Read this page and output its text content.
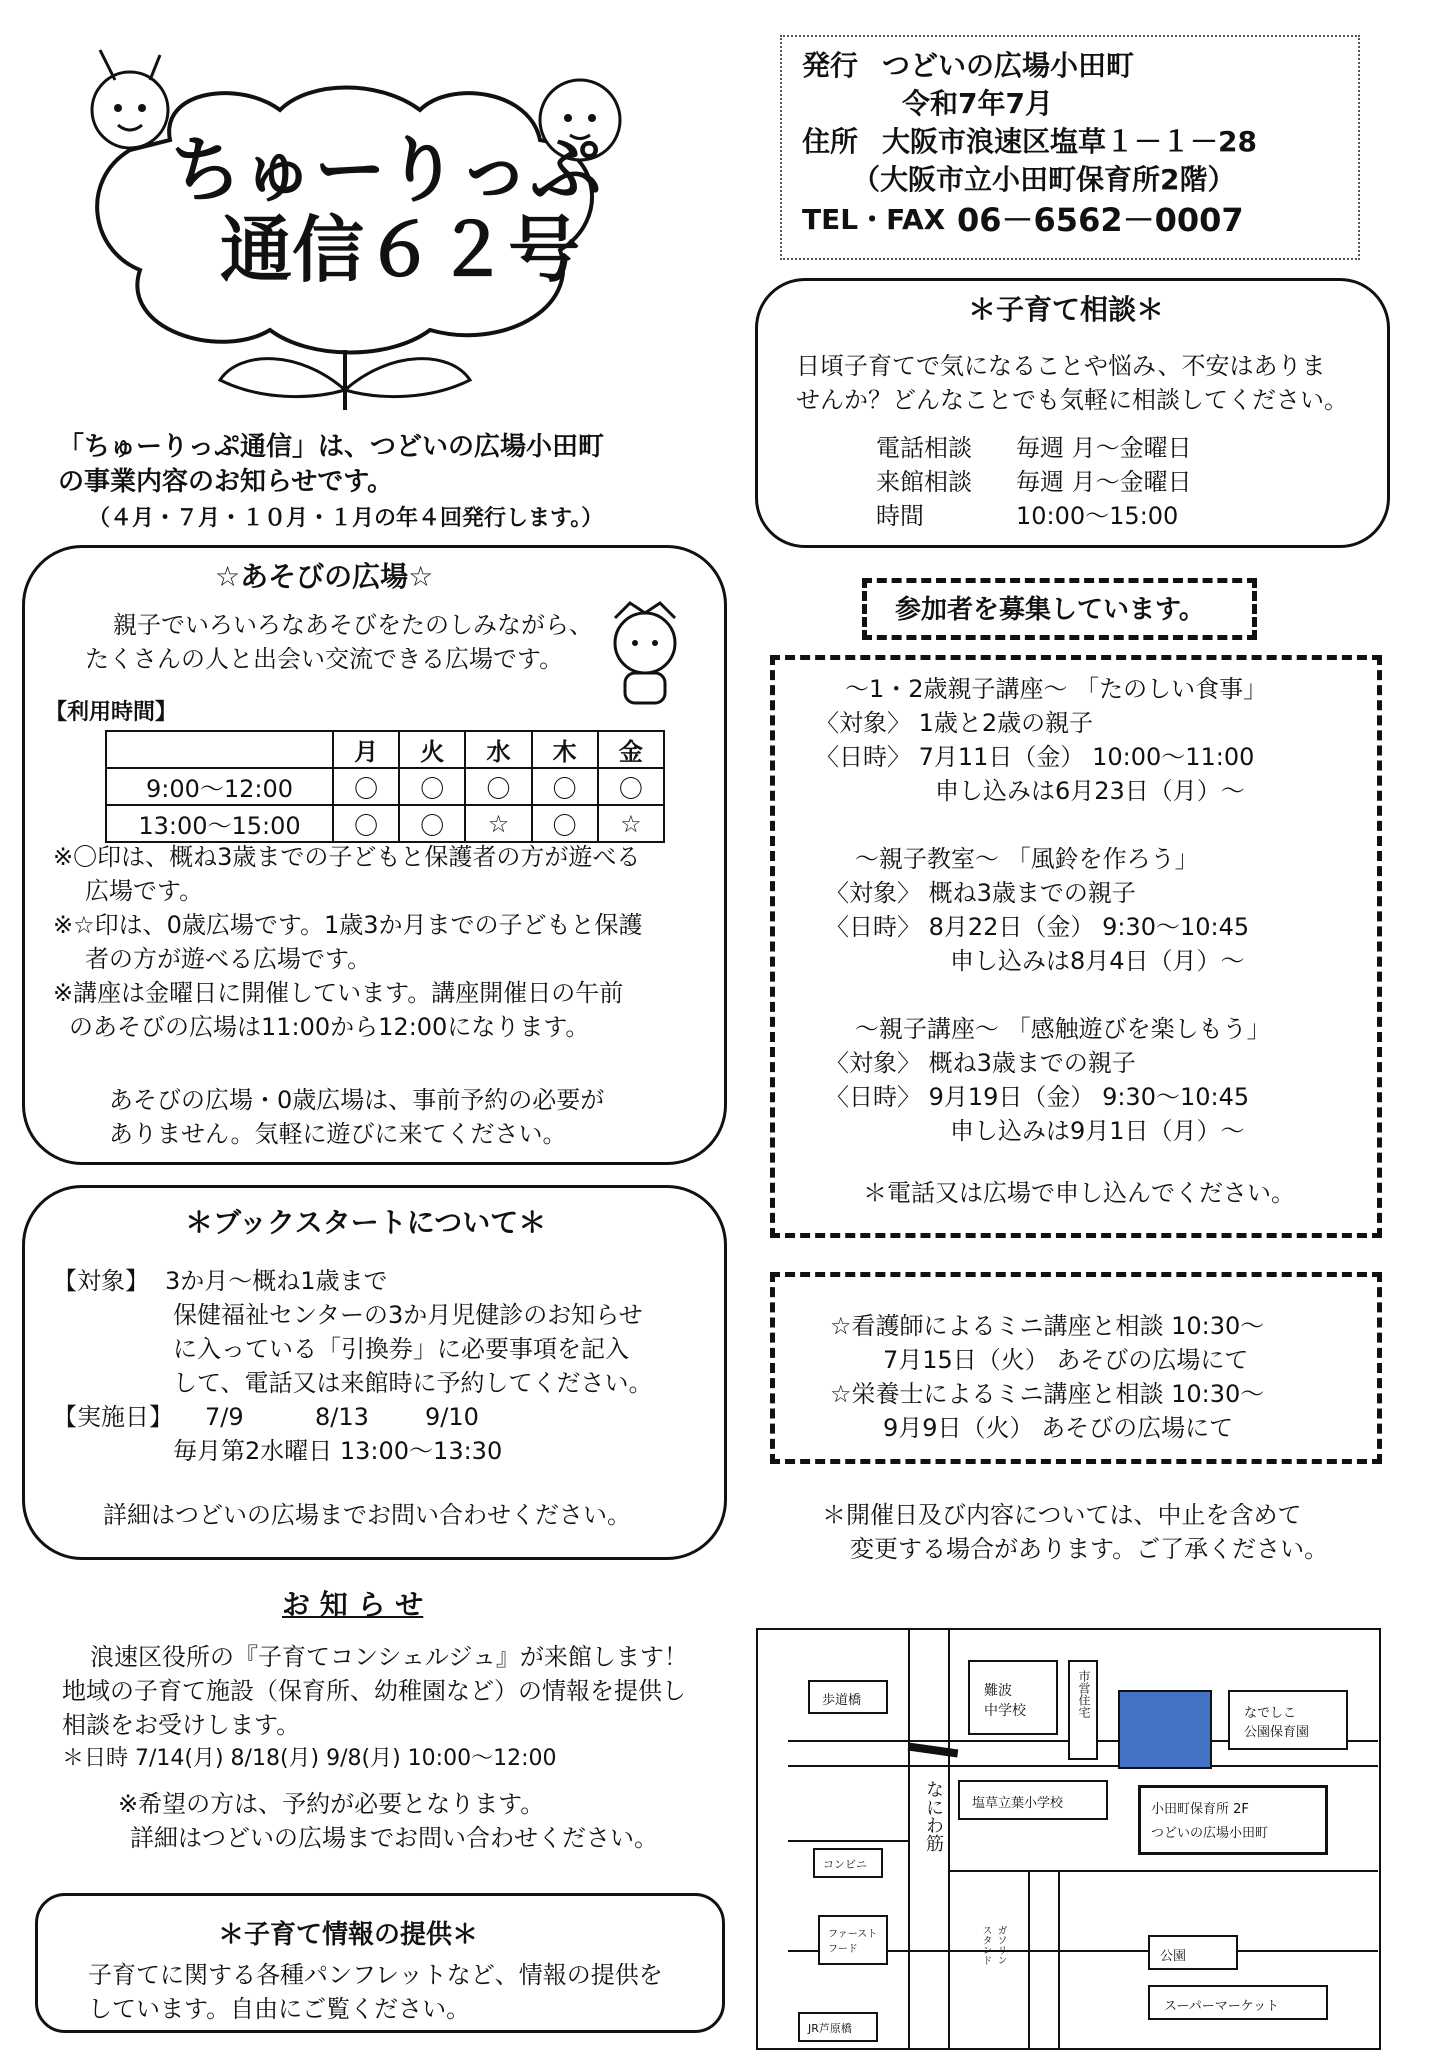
ちゅーりっぷ
通信６２号
「ちゅーりっぷ通信」は、つどいの広場小田町
の事業内容のお知らせです。
（４月・７月・１０月・１月の年４回発行します。）
☆あそびの広場☆
親子でいろいろなあそびをたのしみながら、
たくさんの人と出会い交流できる広場です。
【利用時間】
	月	火	水	木	金
9:00～12:00	〇	〇	〇	〇	〇
13:00～15:00	〇	〇	☆	〇	☆
※〇印は、概ね3歳までの子どもと保護者の方が遊べる
広場です。
※☆印は、0歳広場です。1歳3か月までの子どもと保護
者の方が遊べる広場です。
※講座は金曜日に開催しています。講座開催日の午前
のあそびの広場は11:00から12:00になります。
あそびの広場・0歳広場は、事前予約の必要が
ありません。気軽に遊びに来てください。
＊ブックスタートについて＊
【対象】 3か月～概ね1歳まで
保健福祉センターの3か月児健診のお知らせ
に入っている「引換券」に必要事項を記入
して、電話又は来館時に予約してください。
【実施日】 7/9	8/13 9/10
毎月第2水曜日 13:00～13:30
詳細はつどいの広場までお問い合わせください。
お 知 ら せ
浪速区役所の『子育てコンシェルジュ』が来館します！
地域の子育て施設（保育所、幼稚園など）の情報を提供し
相談をお受けします。
＊日時 7/14(月) 8/18(月) 9/8(月) 10:00～12:00
※希望の方は、予約が必要となります。
詳細はつどいの広場までお問い合わせください。
＊子育て情報の提供＊
子育てに関する各種パンフレットなど、情報の提供を
しています。自由にご覧ください。
発行 つどいの広場小田町
令和7年7月
住所 大阪市浪速区塩草１－１－28
（大阪市立小田町保育所2階）
TEL・FAX 06－6562－0007
＊子育て相談＊
日頃子育てで気になることや悩み、不安はありま
せんか？どんなことでも気軽に相談してください。
電話相談 毎週 月～金曜日
来館相談 毎週 月～金曜日
時間	10:00～15:00
参加者を募集しています。
～1・2歳親子講座～ 「たのしい食事」
〈対象〉 1歳と2歳の親子
〈日時〉 7月11日（金） 10:00～11:00
申し込みは6月23日（月）～
～親子教室～ 「風鈴を作ろう」
〈対象〉 概ね3歳までの親子
〈日時〉 8月22日（金） 9:30～10:45
申し込みは8月4日（月）～
～親子講座～ 「感触遊びを楽しもう」
〈対象〉 概ね3歳までの親子
〈日時〉 9月19日（金） 9:30～10:45
申し込みは9月1日（月）～
＊電話又は広場で申し込んでください。
☆看護師によるミニ講座と相談 10:30～
7月15日（火） あそびの広場にて
☆栄養士によるミニ講座と相談 10:30～
9月9日（火） あそびの広場にて
＊開催日及び内容については、中止を含めて
変更する場合があります。ご了承ください。
歩道橋
難波
中学校	市営住宅	なでしこ
公園保育園
なにわ筋 塩草立葉小学校	小田町保育所 2F
つどいの広場小田町
コンビニ
ファースト
フード	ガソリン
スタンド	公園
スーパーマーケット
JR芦原橋
